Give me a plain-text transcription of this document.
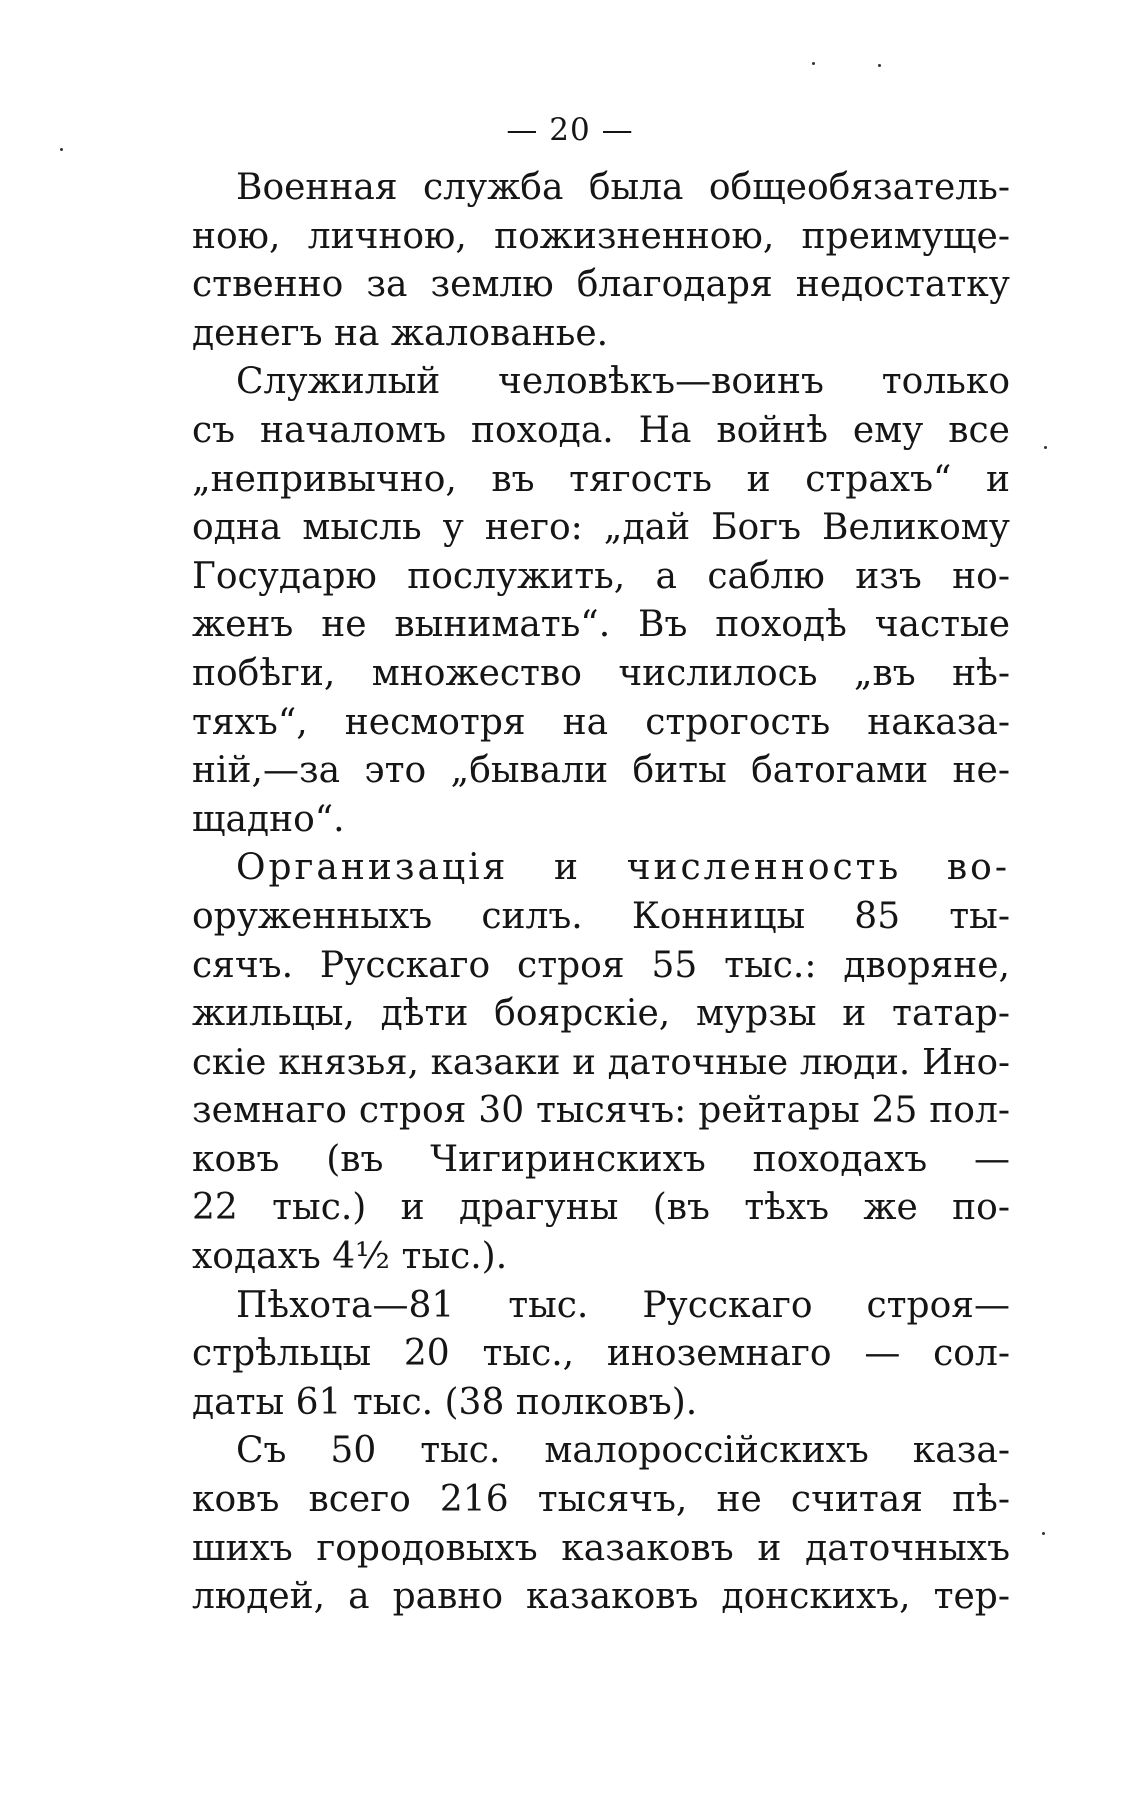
— 20 —
Военная служба была общеобязатель-
ною, личною, пожизненною, преимуще-
ственно за землю благодаря недостатку
денегъ на жалованье.
Служилый человѣкъ—воинъ только
съ началомъ похода. На войнѣ ему все
„непривычно, въ тягость и страхъ“ и
одна мысль у него: „дай Богъ Великому
Государю послужить, а саблю изъ но-
женъ не вынимать“. Въ походѣ частые
побѣги, множество числилось „въ нѣ-
тяхъ“, несмотря на строгость наказа-
ній,—за это „бывали биты батогами не-
щадно“.
Организація и численность во-
оруженныхъ силъ. Конницы 85 ты-
сячъ. Русскаго строя 55 тыс.: дворяне,
жильцы, дѣти боярскіе, мурзы и татар-
скіе князья, казаки и даточные люди. Ино-
земнаго строя 30 тысячъ: рейтары 25 пол-
ковъ (въ Чигиринскихъ походахъ —
22 тыс.) и драгуны (въ тѣхъ же по-
ходахъ 4½ тыс.).
Пѣхота—81 тыс. Русскаго строя—
стрѣльцы 20 тыс., иноземнаго — сол-
даты 61 тыс. (38 полковъ).
Съ 50 тыс. малороссійскихъ каза-
ковъ всего 216 тысячъ, не считая пѣ-
шихъ городовыхъ казаковъ и даточныхъ
людей, а равно казаковъ донскихъ, тер-
